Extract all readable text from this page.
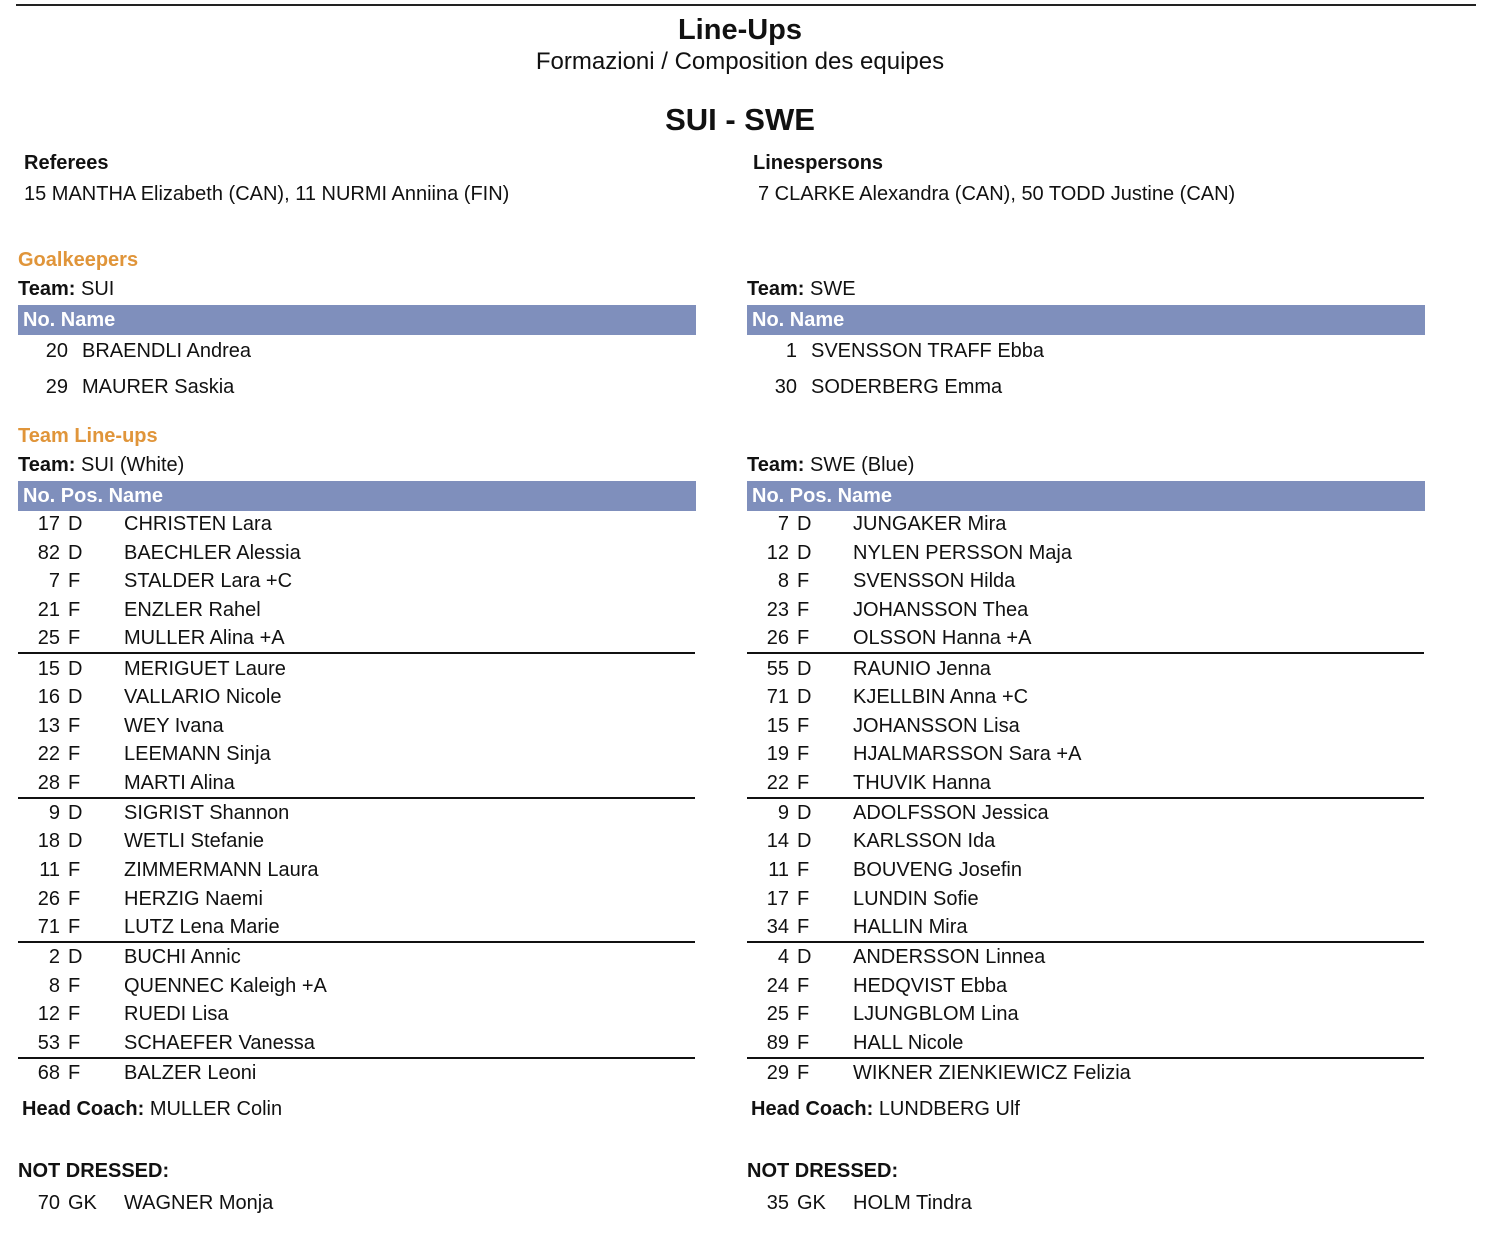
Line-Ups
Formazioni / Composition des equipes
SUI - SWE
Referees
15 MANTHA Elizabeth (CAN), 11 NURMI Anniina (FIN)
Linespersons
7 CLARKE Alexandra (CAN), 50 TODD Justine (CAN)
Goalkeepers
Team: SUI	Team: SWE
No. Name	No. Name
20 BRAENDLI Andrea
29 MAURER Saskia
1 SVENSSON TRAFF Ebba
30 SODERBERG Emma
Team Line-ups
Team: SUI (White)	Team: SWE (Blue)
No. Pos. Name	No. Pos. Name
17 D CHRISTEN Lara
82 D BAECHLER Alessia
7 F STALDER Lara +C
21 F ENZLER Rahel
25 F MULLER Alina +A
15 D MERIGUET Laure
16 D VALLARIO Nicole
13 F WEY Ivana
22 F LEEMANN Sinja
28 F MARTI Alina
9 D SIGRIST Shannon
18 D WETLI Stefanie
11 F ZIMMERMANN Laura
26 F HERZIG Naemi
71 F LUTZ Lena Marie
2 D BUCHI Annic
8 F QUENNEC Kaleigh +A
12 F RUEDI Lisa
53 F SCHAEFER Vanessa
68 F BALZER Leoni
7 D JUNGAKER Mira
12 D NYLEN PERSSON Maja
8 F SVENSSON Hilda
23 F JOHANSSON Thea
26 F OLSSON Hanna +A
55 D RAUNIO Jenna
71 D KJELLBIN Anna +C
15 F JOHANSSON Lisa
19 F HJALMARSSON Sara +A
22 F THUVIK Hanna
9 D ADOLFSSON Jessica
14 D KARLSSON Ida
11 F BOUVENG Josefin
17 F LUNDIN Sofie
34 F HALLIN Mira
4 D ANDERSSON Linnea
24 F HEDQVIST Ebba
25 F LJUNGBLOM Lina
89 F HALL Nicole
29 F WIKNER ZIENKIEWICZ Felizia
Head Coach: MULLER Colin	Head Coach: LUNDBERG Ulf
NOT DRESSED:	NOT DRESSED:
70 GK WAGNER Monja	35 GK HOLM Tindra
